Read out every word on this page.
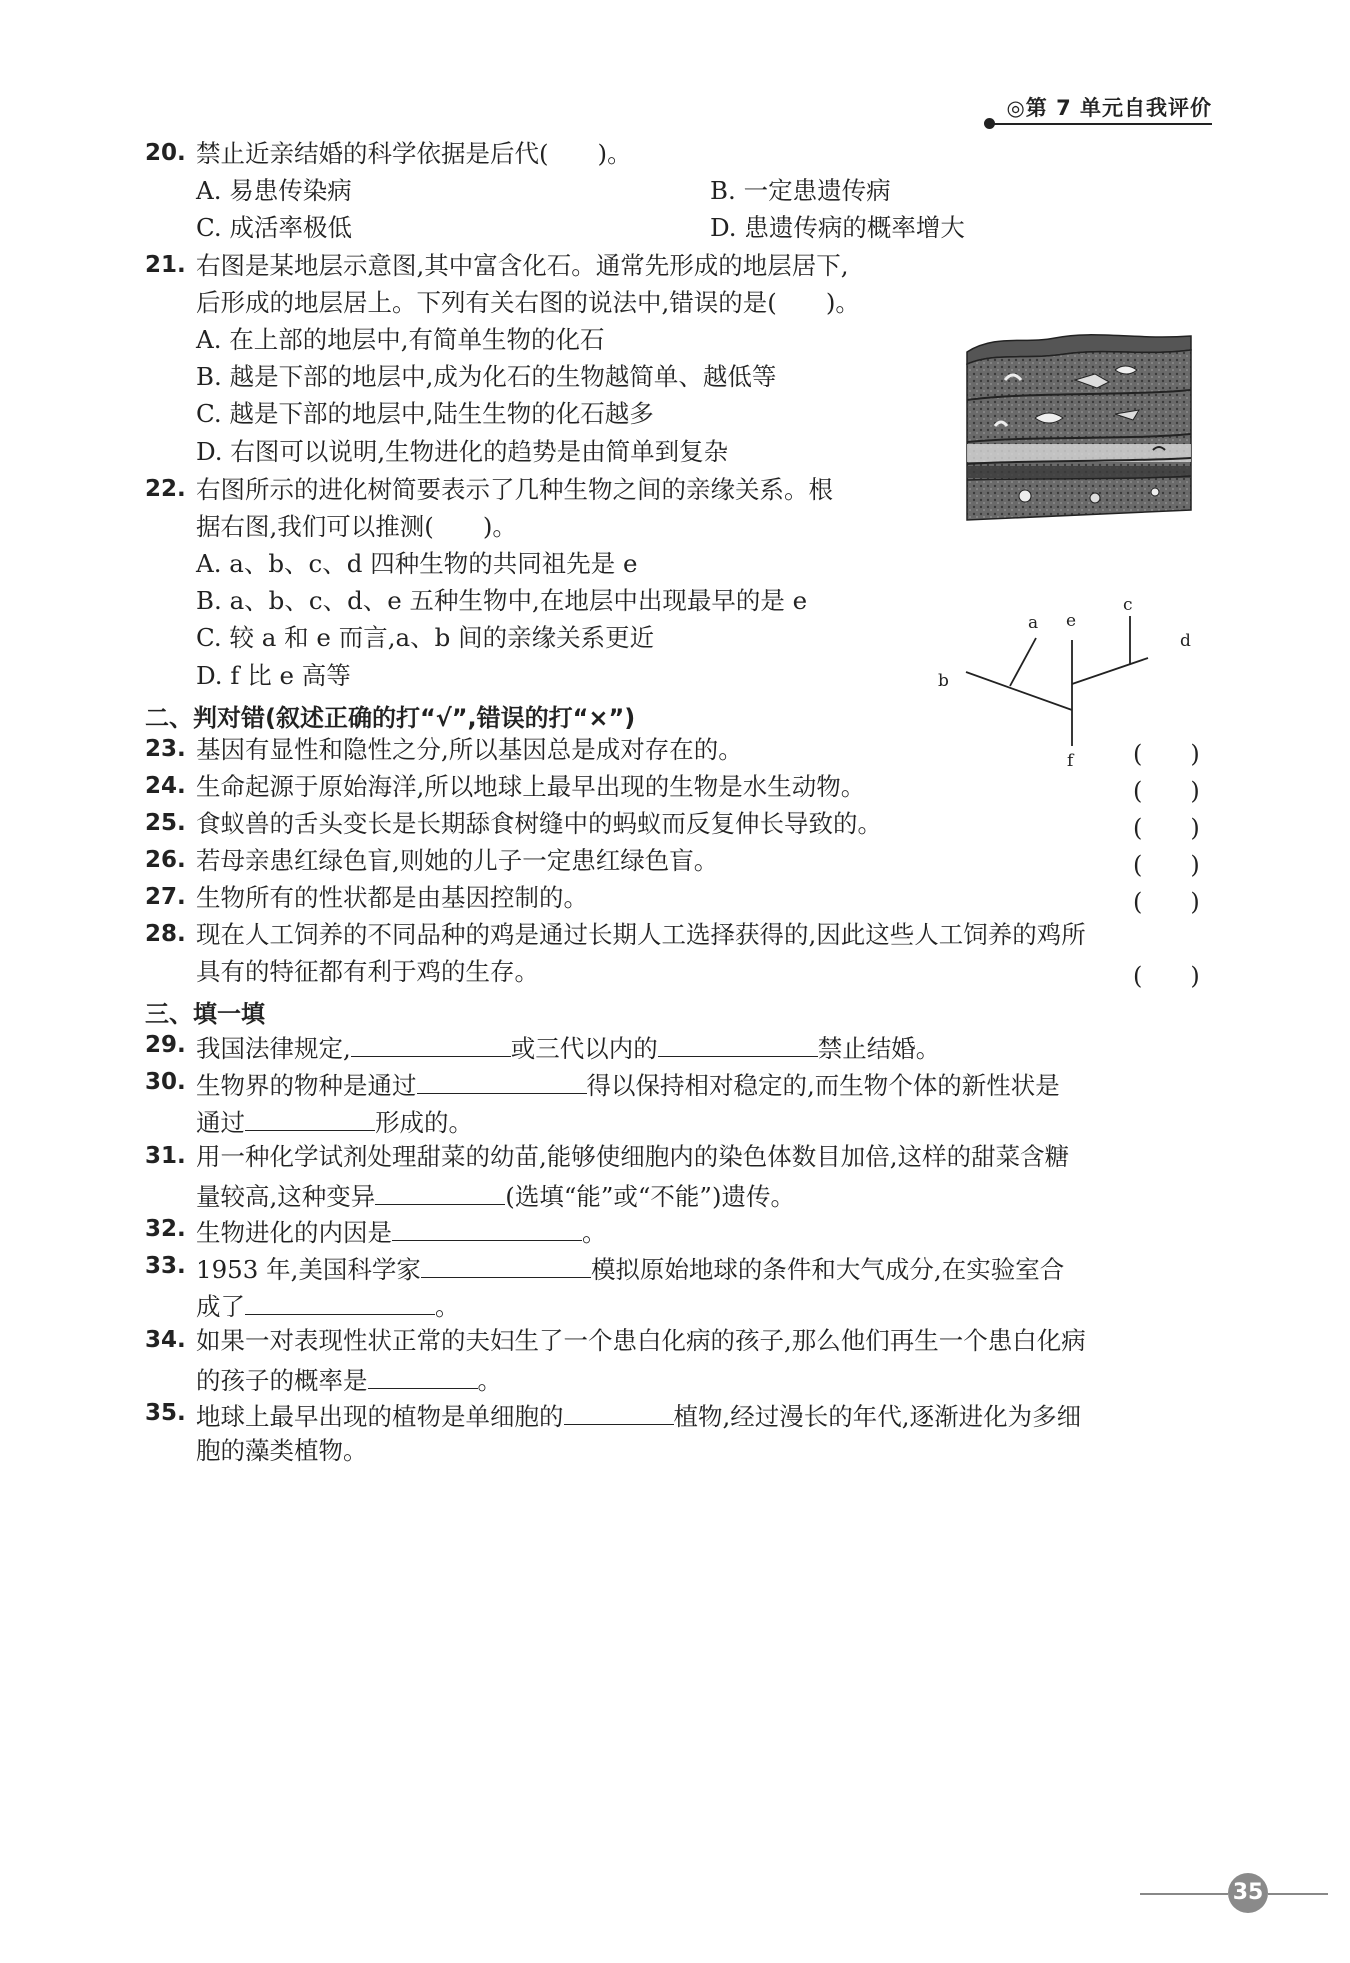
◎第 7 单元自我评价
20. 禁止近亲结婚的科学依据是后代(　　)。
A. 易患传染病	B. 一定患遗传病
C. 成活率极低	D. 患遗传病的概率增大
21. 右图是某地层示意图,其中富含化石。通常先形成的地层居下,
后形成的地层居上。下列有关右图的说法中,错误的是(　　)。
A. 在上部的地层中,有简单生物的化石
B. 越是下部的地层中,成为化石的生物越简单、越低等
C. 越是下部的地层中,陆生生物的化石越多
D. 右图可以说明,生物进化的趋势是由简单到复杂
22. 右图所示的进化树简要表示了几种生物之间的亲缘关系。根
据右图,我们可以推测(　　)。
A. a、b、c、d 四种生物的共同祖先是 e
B. a、b、c、d、e 五种生物中,在地层中出现最早的是 e
C. 较 a 和 e 而言,a、b 间的亲缘关系更近
D. f 比 e 高等
a
b
e
c
d
f
二、判对错(叙述正确的打“√”,错误的打“×”)
23. 基因有显性和隐性之分,所以基因总是成对存在的。	(　　)
24. 生命起源于原始海洋,所以地球上最早出现的生物是水生动物。	(　　)
25. 食蚁兽的舌头变长是长期舔食树缝中的蚂蚁而反复伸长导致的。	(　　)
26. 若母亲患红绿色盲,则她的儿子一定患红绿色盲。	(　　)
27. 生物所有的性状都是由基因控制的。	(　　)
28. 现在人工饲养的不同品种的鸡是通过长期人工选择获得的,因此这些人工饲养的鸡所
具有的特征都有利于鸡的生存。	(　　)
三、填一填
29. 我国法律规定,	或三代以内的	禁止结婚。
30. 生物界的物种是通过	得以保持相对稳定的,而生物个体的新性状是
通过	形成的。
31. 用一种化学试剂处理甜菜的幼苗,能够使细胞内的染色体数目加倍,这样的甜菜含糖
量较高,这种变异	(选填“能”或“不能”)遗传。
32. 生物进化的内因是	。
33. 1953 年,美国科学家	模拟原始地球的条件和大气成分,在实验室合
成了	。
34. 如果一对表现性状正常的夫妇生了一个患白化病的孩子,那么他们再生一个患白化病
的孩子的概率是	。
35. 地球上最早出现的植物是单细胞的	植物,经过漫长的年代,逐渐进化为多细
胞的藻类植物。
35
